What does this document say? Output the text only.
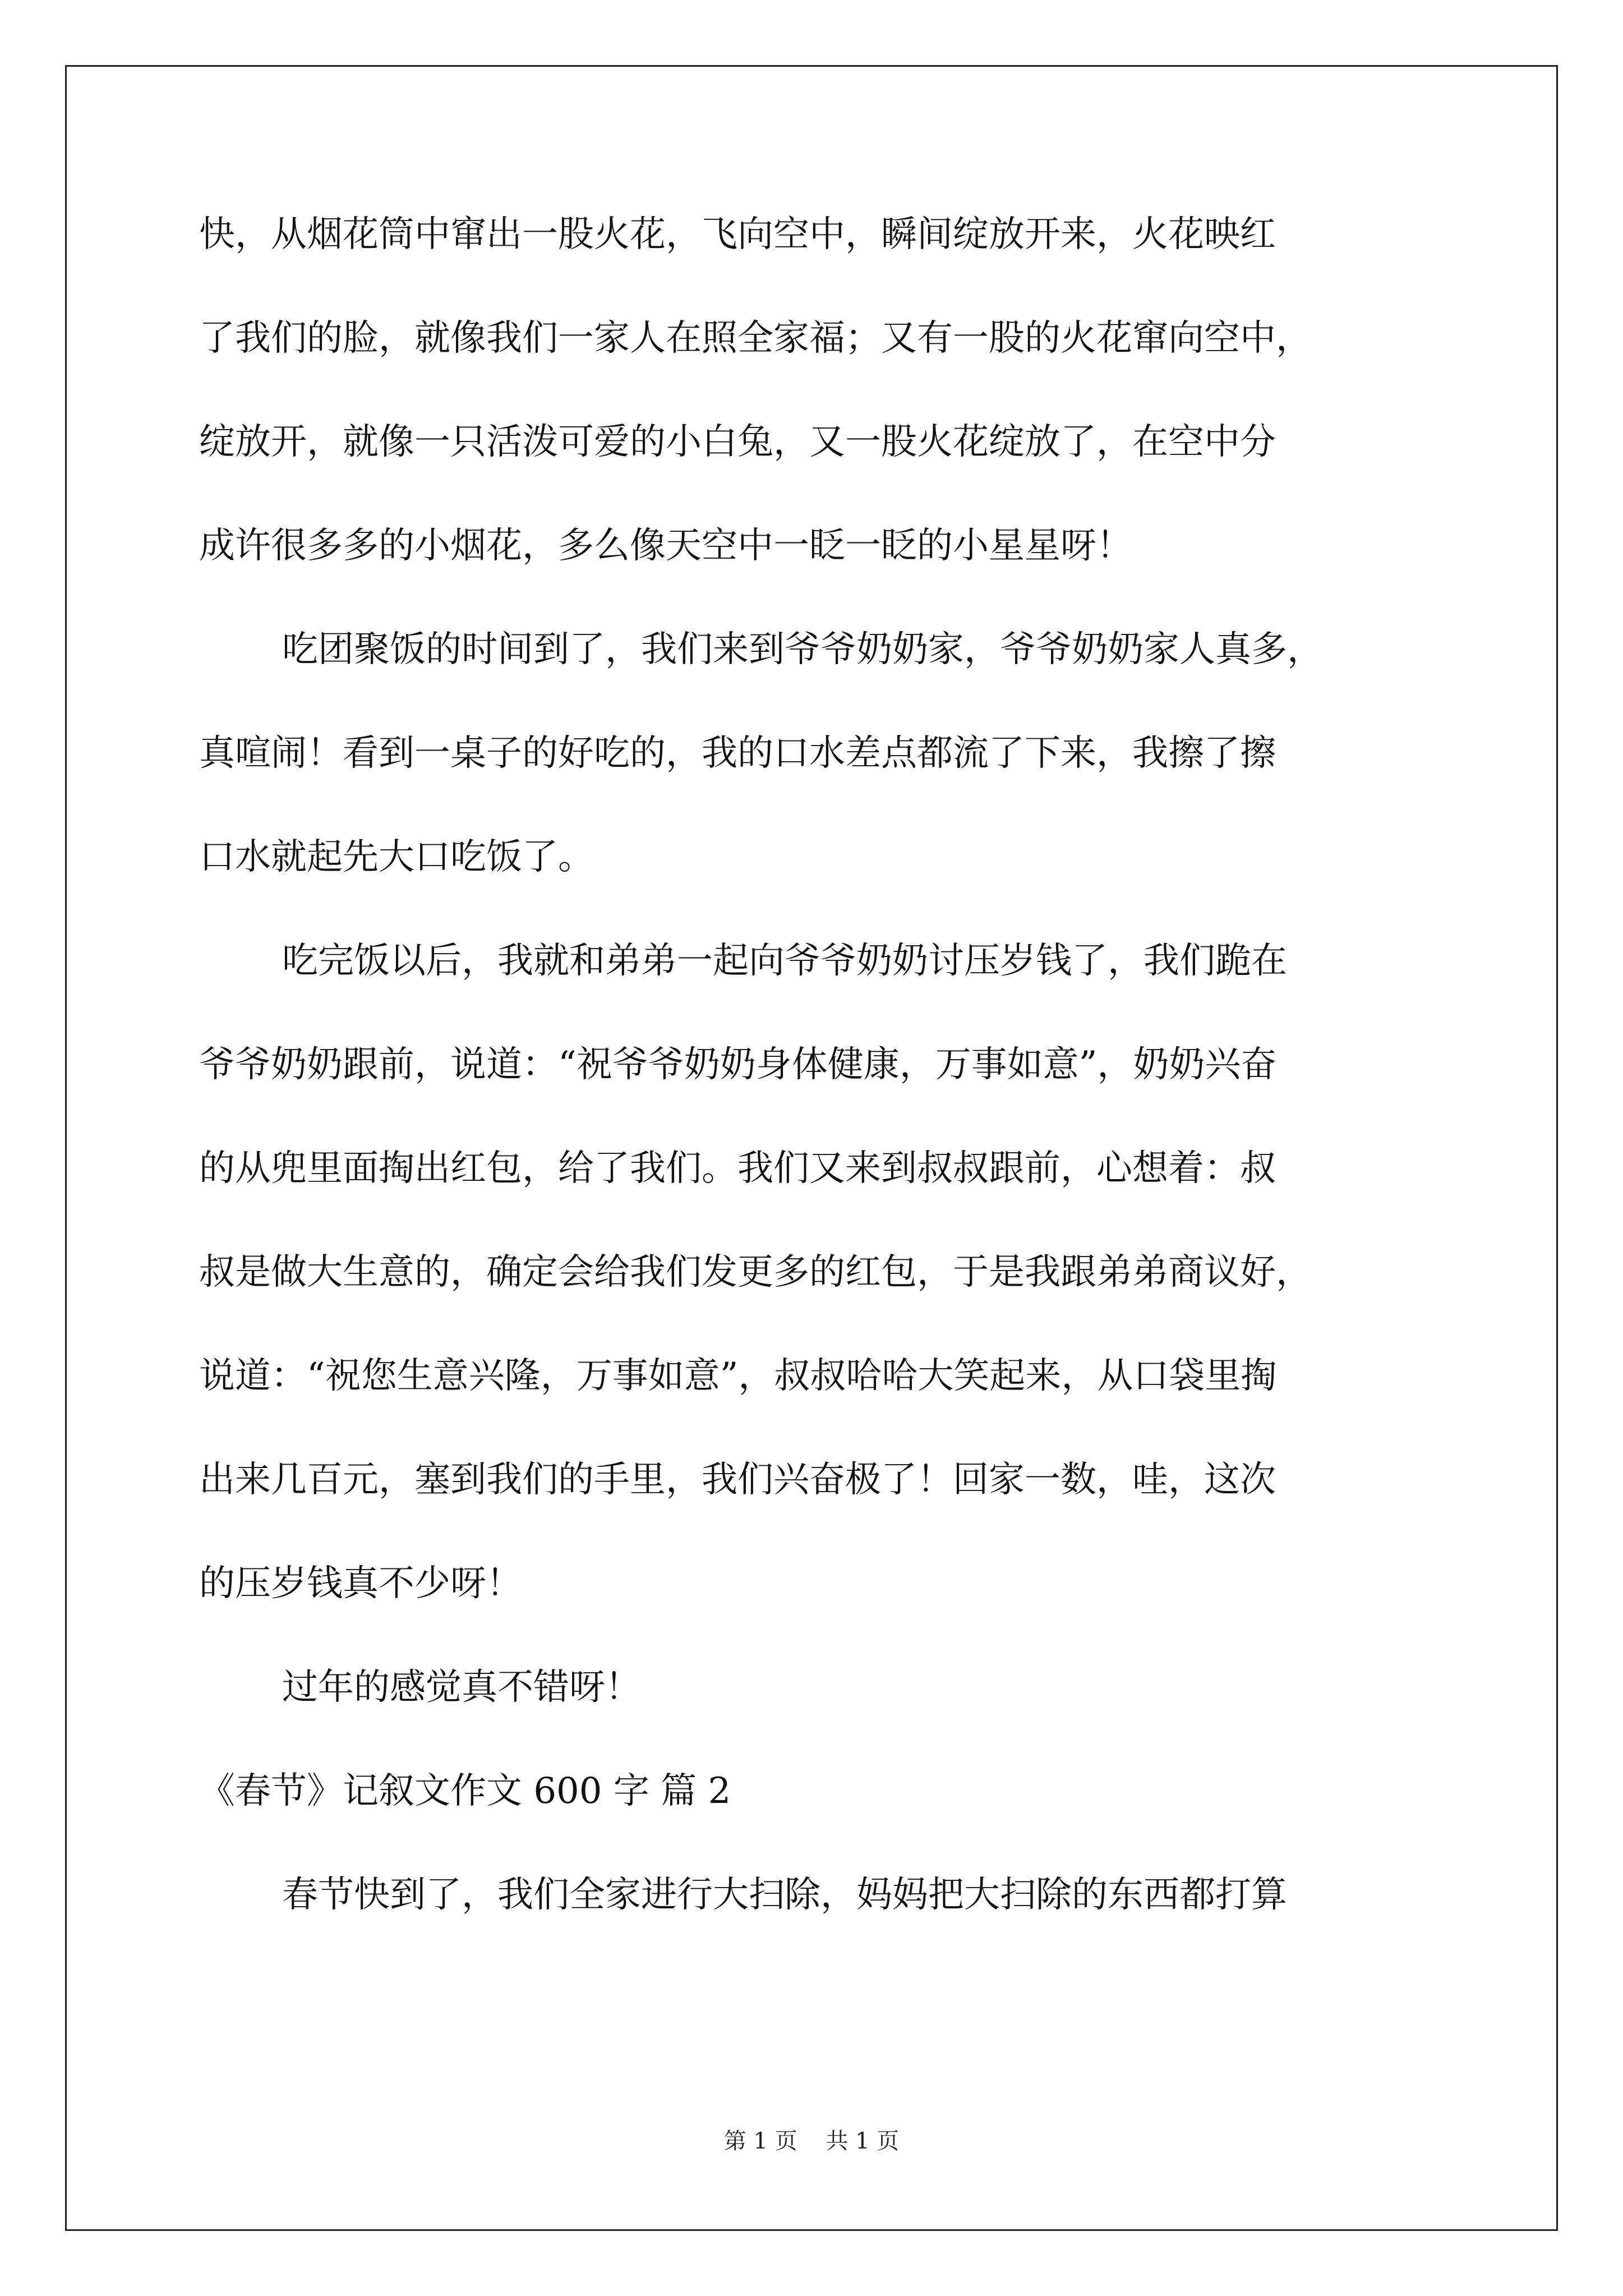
快，从烟花筒中窜出一股火花，飞向空中，瞬间绽放开来，火花映红
了我们的脸，就像我们一家人在照全家福；又有一股的火花窜向空中，
绽放开，就像一只活泼可爱的小白兔，又一股火花绽放了，在空中分
成许很多多的小烟花，多么像天空中一眨一眨的小星星呀！
吃团聚饭的时间到了，我们来到爷爷奶奶家，爷爷奶奶家人真多，
真喧闹！看到一桌子的好吃的，我的口水差点都流了下来，我擦了擦
口水就起先大口吃饭了。
吃完饭以后，我就和弟弟一起向爷爷奶奶讨压岁钱了，我们跪在
爷爷奶奶跟前，说道：“祝爷爷奶奶身体健康，万事如意”，奶奶兴奋
的从兜里面掏出红包，给了我们。我们又来到叔叔跟前，心想着：叔
叔是做大生意的，确定会给我们发更多的红包，于是我跟弟弟商议好，
说道：“祝您生意兴隆，万事如意”，叔叔哈哈大笑起来，从口袋里掏
出来几百元，塞到我们的手里，我们兴奋极了！回家一数，哇，这次
的压岁钱真不少呀！
过年的感觉真不错呀！
《春节》记叙文作文 600 字 篇 2
春节快到了，我们全家进行大扫除，妈妈把大扫除的东西都打算
第 1 页    共 1 页
